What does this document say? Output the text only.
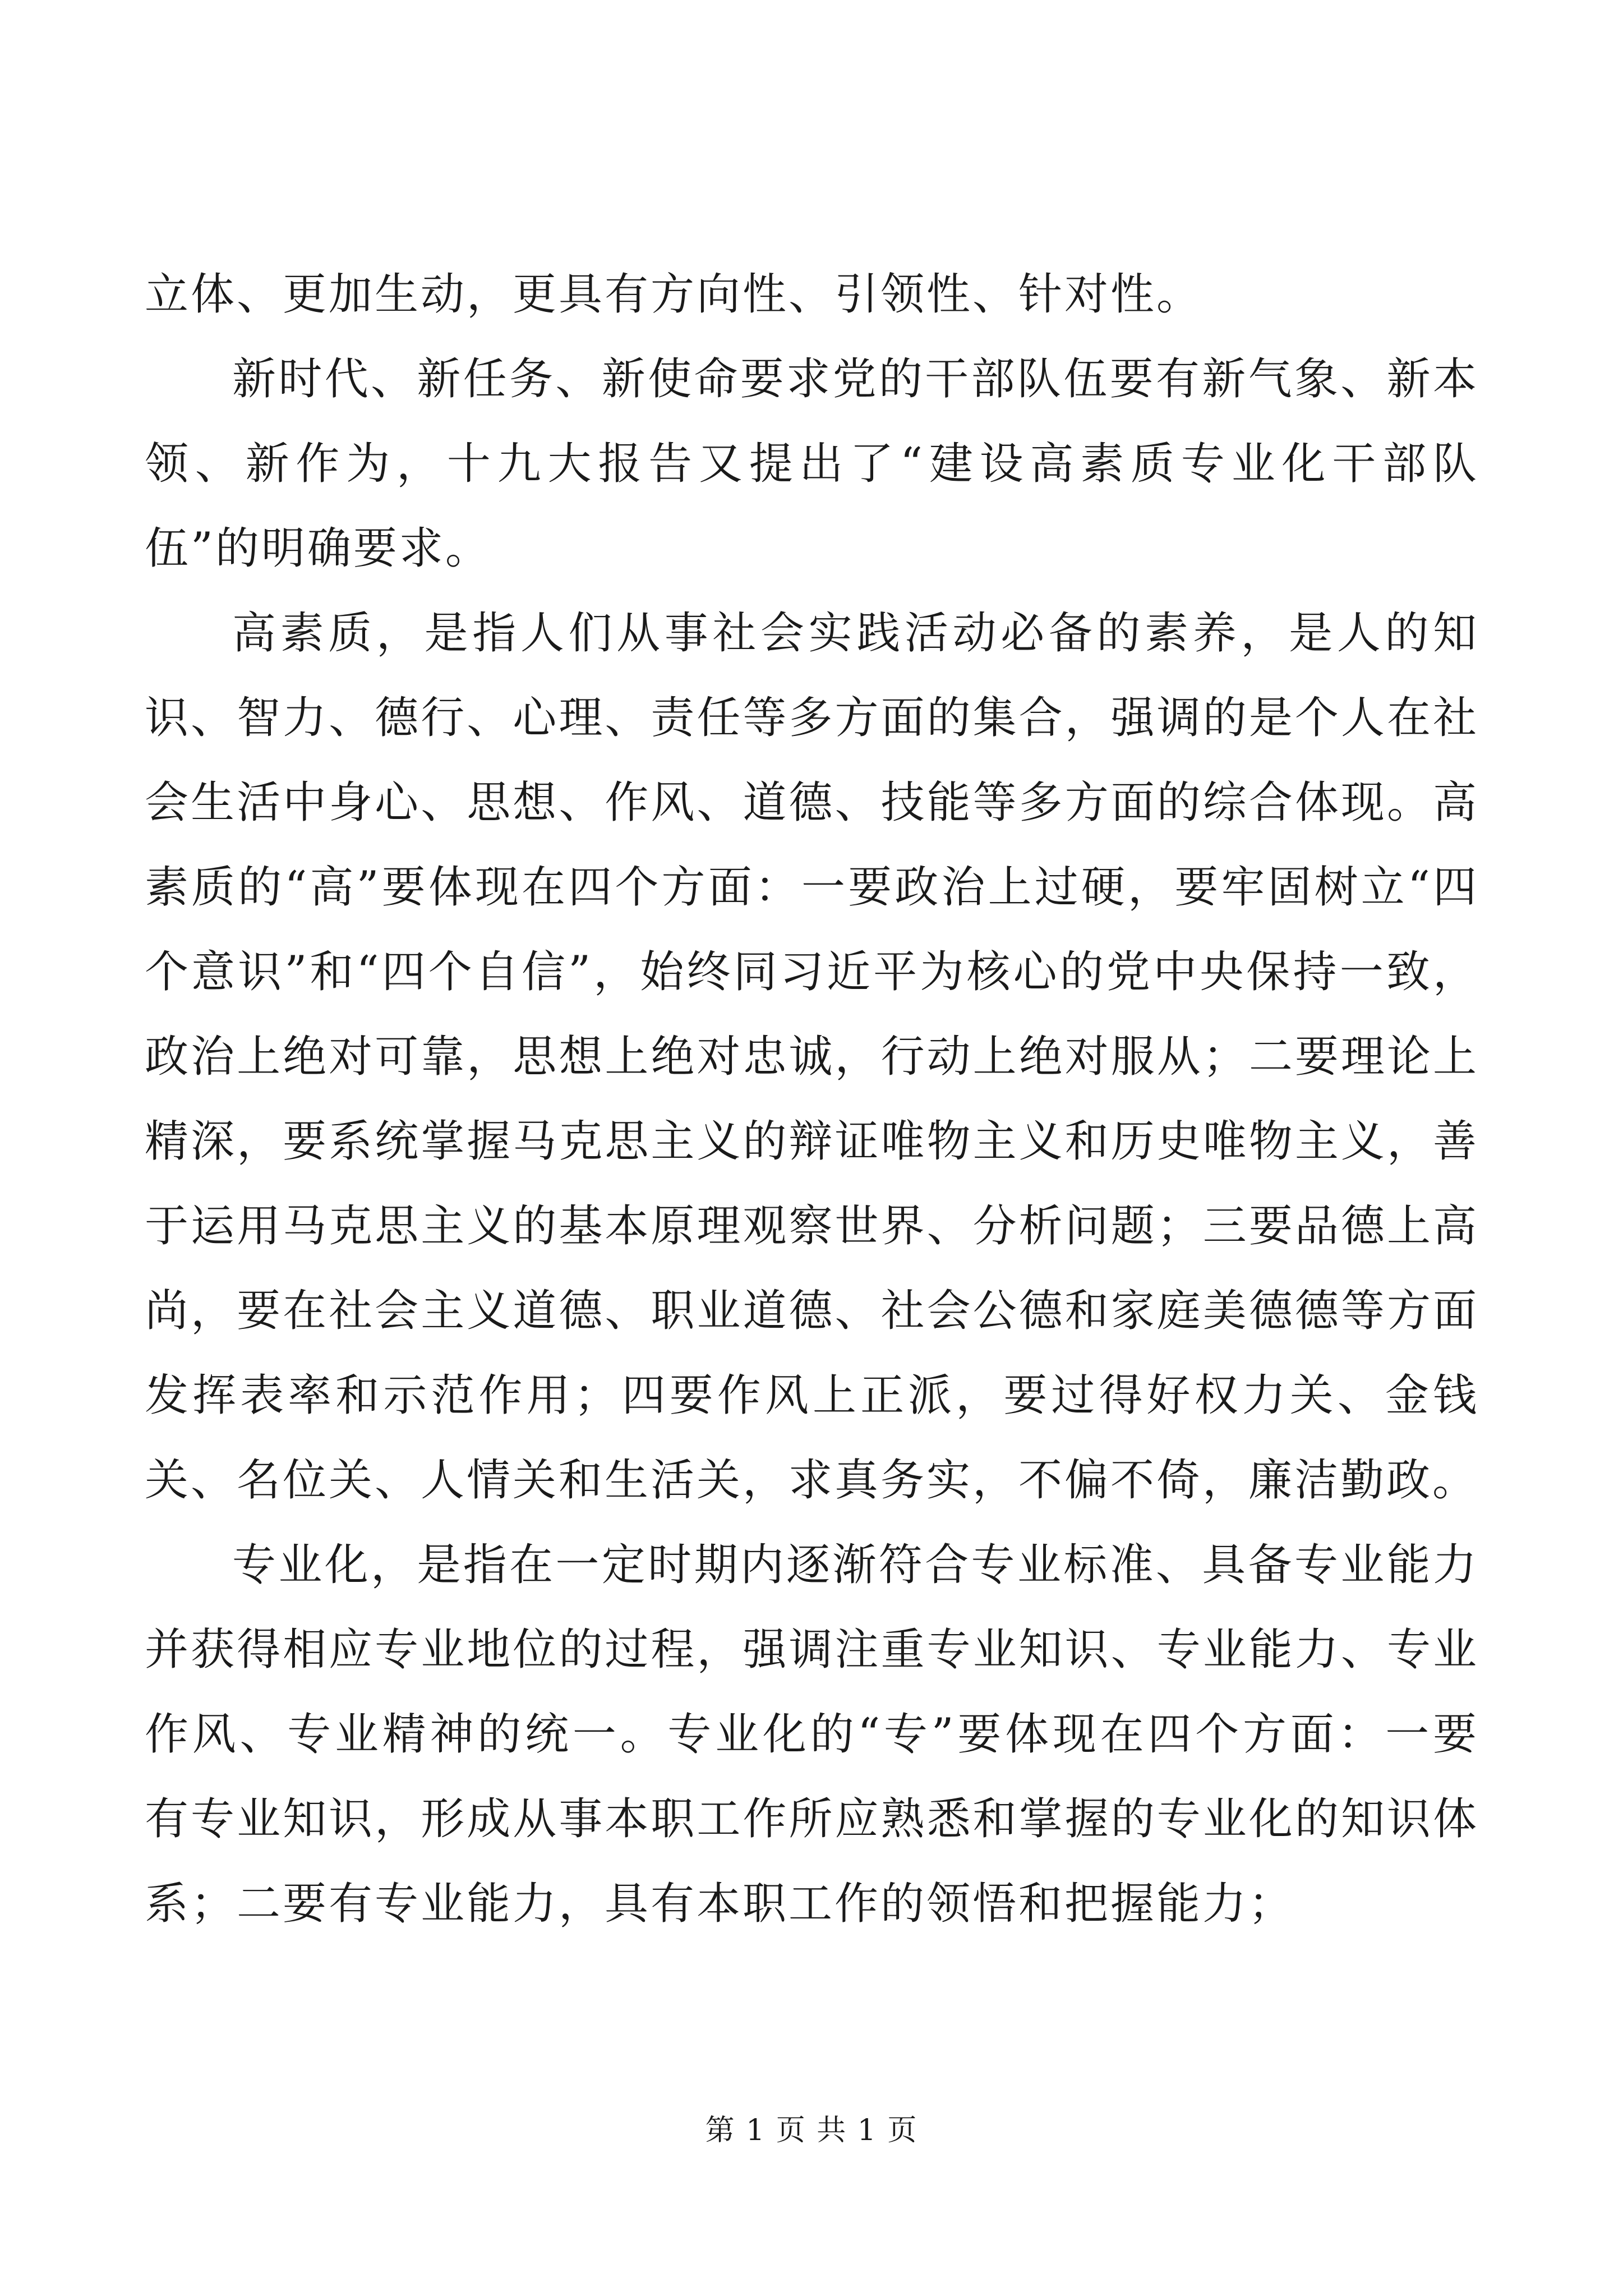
立体、更加生动，更具有方向性、引领性、针对性。

新时代、新任务、新使命要求党的干部队伍要有新气象、新本领、新作为，十九大报告又提出了“建设高素质专业化干部队伍”的明确要求。

高素质，是指人们从事社会实践活动必备的素养，是人的知识、智力、德行、心理、责任等多方面的集合，强调的是个人在社会生活中身心、思想、作风、道德、技能等多方面的综合体现。高素质的“高”要体现在四个方面：一要政治上过硬，要牢固树立“四个意识”和“四个自信”，始终同习近平为核心的党中央保持一致，政治上绝对可靠，思想上绝对忠诚，行动上绝对服从；二要理论上精深，要系统掌握马克思主义的辩证唯物主义和历史唯物主义，善于运用马克思主义的基本原理观察世界、分析问题；三要品德上高尚，要在社会主义道德、职业道德、社会公德和家庭美德德等方面发挥表率和示范作用；四要作风上正派，要过得好权力关、金钱关、名位关、人情关和生活关，求真务实，不偏不倚，廉洁勤政。

专业化，是指在一定时期内逐渐符合专业标准、具备专业能力并获得相应专业地位的过程，强调注重专业知识、专业能力、专业作风、专业精神的统一。专业化的“专”要体现在四个方面：一要有专业知识，形成从事本职工作所应熟悉和掌握的专业化的知识体系；二要有专业能力，具有本职工作的领悟和把握能力；

第 1 页 共 1 页
